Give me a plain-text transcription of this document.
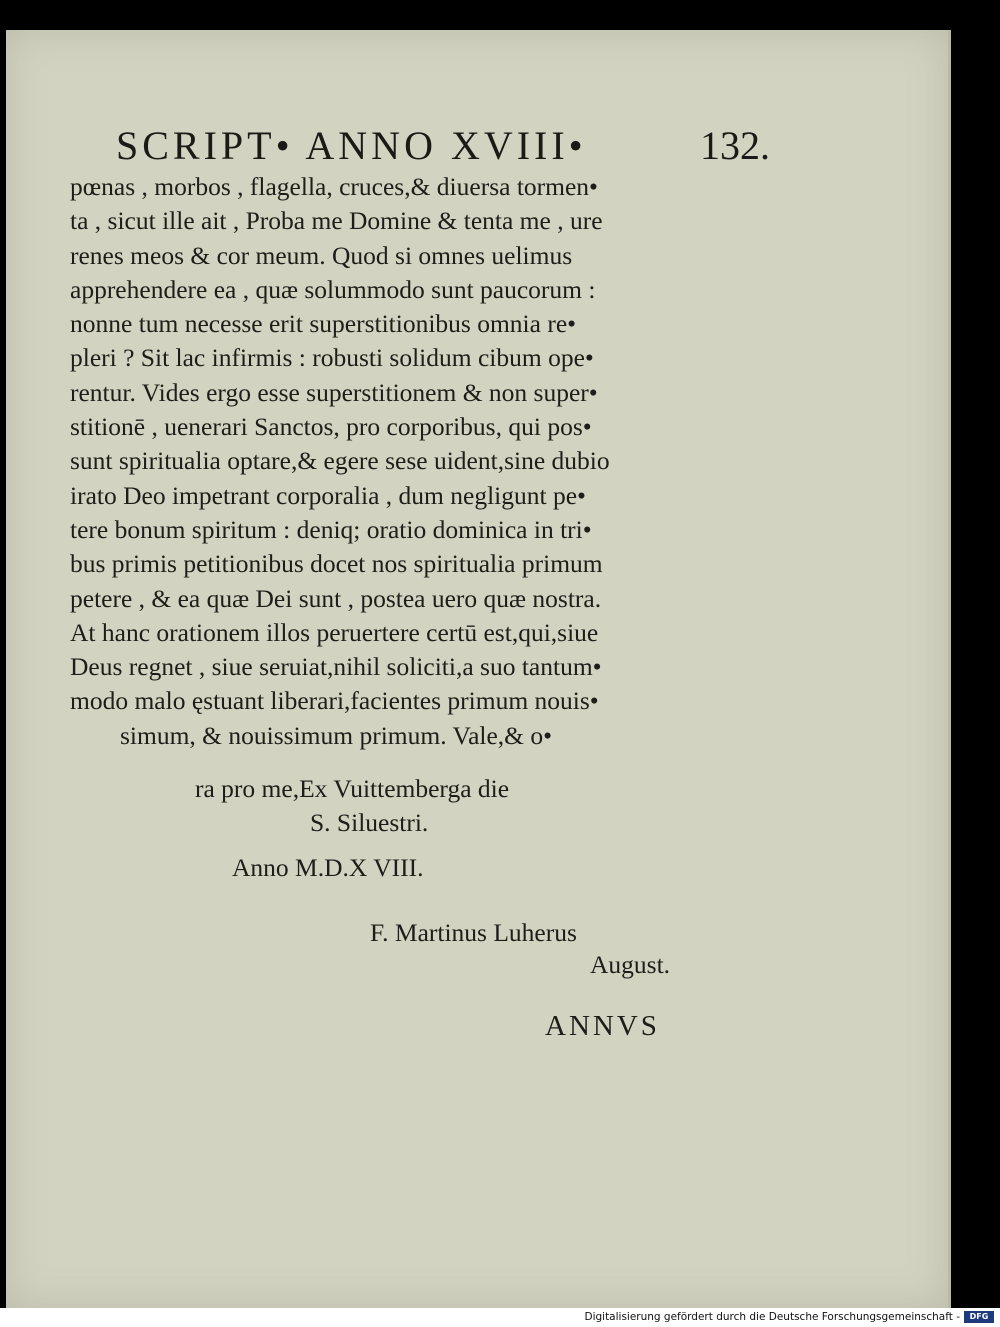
SCRIPT• ANNO XVIII•	132.
pœnas , morbos , flagella, cruces,& diuersa tormen•
ta , sicut ille ait , Proba me Domine & tenta me , ure
renes meos & cor meum. Quod si omnes uelimus
apprehendere ea , quæ solummodo sunt paucorum :
nonne tum necesse erit superstitionibus omnia re•
pleri ? Sit lac infirmis : robusti solidum cibum ope•
rentur. Vides ergo esse superstitionem & non super•
stitionē , uenerari Sanctos, pro corporibus, qui pos•
sunt spiritualia optare,& egere sese uident,sine dubio
irato Deo impetrant corporalia , dum negligunt pe•
tere bonum spiritum : deniq; oratio dominica in tri•
bus primis petitionibus docet nos spiritualia primum
petere , & ea quæ Dei sunt , postea uero quæ nostra.
At hanc orationem illos peruertere certū est,qui,siue
Deus regnet , siue seruiat,nihil soliciti,a suo tantum•
modo malo ęstuant liberari,facientes primum nouis•
simum, & nouissimum primum. Vale,& o•
ra pro me,Ex Vuittemberga die
S. Siluestri.
Anno M.D.X VIII.
F. Martinus Luherus
August.
ANNVS
Digitalisierung gefördert durch die Deutsche Forschungsgemeinschaft -	DFG
